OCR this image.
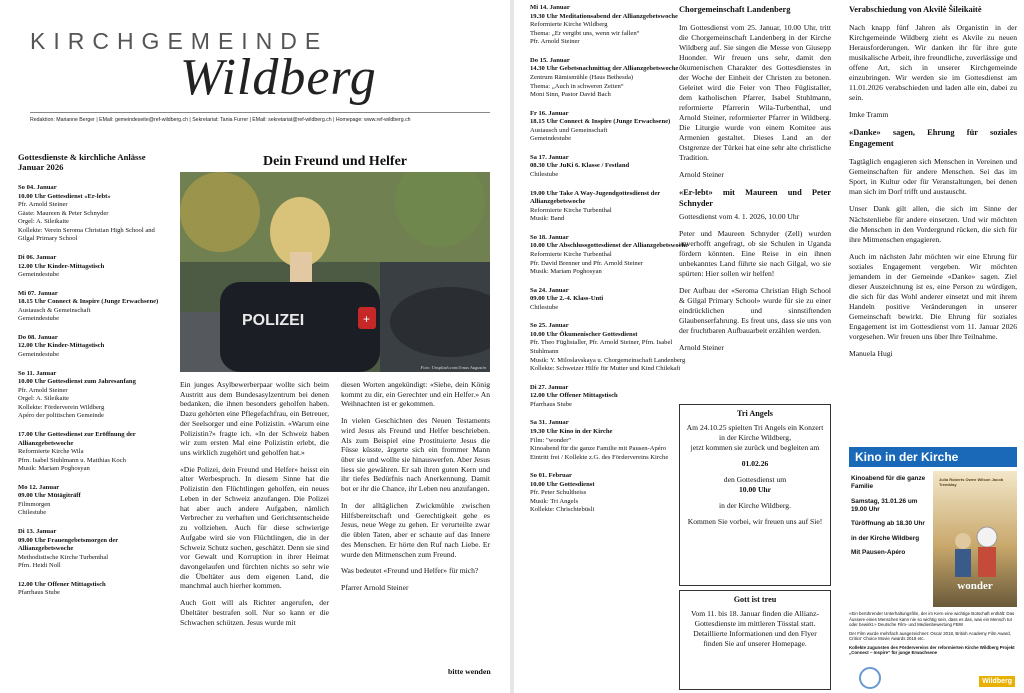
KIRCHGEMEINDE
Wildberg
Redaktion: Marianne Berger | EMail: gemeindeseite@ref-wildberg.ch | Sekretariat: Tania Furrer | EMail: sekretariat@ref-wildberg.ch | Homepage: www.ref-wildberg.ch
Gottesdienste & kirchliche Anlässe Januar 2026
So 04. Januar
10.00 Uhr Gottesdienst «Er-lebt»
Pfr. Arnold Steiner
Gäste: Maureen & Peter Schnyder
Orgel: A. Sileikaite
Kollekte: Verein Seroma Christian High School and Gilgal Primary School
Di 06. Januar
12.00 Uhr Kinder-Mittagstisch
Gemeindestube
Mi 07. Januar
18.15 Uhr Connect & Inspire (Junge Erwachsene)
Austausch & Gemeinschaft
Gemeindestube
Do 08. Januar
12.00 Uhr Kinder-Mittagstisch
Gemeindestube
So 11. Januar
10.00 Uhr Gottesdienst zum Jahresanfang
Pfr. Arnold Steiner
Orgel: A. Sileikaite
Kollekte: Förderverein Wildberg
Apéro der politischen Gemeinde
17.00 Uhr Gottesdienst zur Eröffnung der Allianzgebetswoche
Reformierte Kirche Wila
Pfrn. Isabel Stuhlmann u. Matthias Koch
Musik: Mariam Poghosyan
Mo 12. Januar
09.00 Uhr Mütägiträff
Filmmorgen
Chilestube
Di 13. Januar
09.00 Uhr Frauengebetsmorgen der Allianzgebetswoche
Methodistische Kirche Turbenthal
Pfrn. Heidi Noll
12.00 Uhr Offener Mittagstisch
Pfarrhaus Stube
Dein Freund und Helfer
POLIZEI	+
Foto: Unsplash.com/Jonas Augustin

Ein junges Asylbewerberpaar wollte sich beim Austritt aus dem Bundesasylzentrum bei denen bedanken, die ihnen besonders geholfen haben. Dazu gehörten eine Pflegefachfrau, ein Betreuer, der Seelsorger und eine Polizistin. «Warum eine Polizistin?» fragte ich. «In der Schweiz haben wir zum ersten Mal eine Polizistin erlebt, die uns wirklich zugehört und geholfen hat.»

«Die Polizei, dein Freund und Helfer» heisst ein alter Werbespruch. In diesem Sinne hat die Polizistin den Flüchtlingen geholfen, ein neues Leben in der Schweiz anzufangen. Die Polizei hat aber auch andere Aufgaben, nämlich Verbrecher zu verhaften und Gerichtsentscheide zu vollziehen. Auch für diese schwierige Aufgabe wird sie von Flüchtlingen, die in der Schweiz Schutz suchen, geschätzt. Denn sie sind vor Gewalt und Korruption in ihrer Heimat davongelaufen und fürchten nichts so sehr wie die Übeltäter aus dem eigenen Land, die manchmal auch hierher kommen.

Auch Gott will als Richter angerufen, der Übeltäter bestrafen soll. Nur so kann er die Schwachen schützen. Jesus wurde mit

diesen Worten angekündigt: «Siehe, dein König kommt zu dir, ein Gerechter und ein Helfer.» An Weihnachten ist er gekommen.

In vielen Geschichten des Neuen Testaments wird Jesus als Freund und Helfer beschrieben. Als zum Beispiel eine Prostituierte Jesus die Füsse küsste, ärgerte sich ein frommer Mann über sie und wollte sie hinauswerfen. Aber Jesus liess sie gewähren. Er sah ihren guten Kern und ihr tiefes Bedürfnis nach Anerkennung. Damit bot er ihr die Chance, ihr Leben neu anzufangen.

In der alltäglichen Zwickmühle zwischen Hilfsbereitschaft und Gerechtigkeit gehe es Jesus, neue Wege zu gehen. Er verurteilte zwar die üblen Taten, aber er schaute auf das Innere des Menschen. Er hörte den Ruf nach Liebe. Er wurde den Mitmenschen zum Freund.

Was bedeutet «Freund und Helfer» für mich?

Pfarrer Arnold Steiner

bitte wenden
Mi 14. Januar
19.30 Uhr Meditationsabend der Allianzgebetswoche
Reformierte Kirche Wildberg
Thema: „Er vergibt uns, wenn wir fallen“
Pfr. Arnold Steiner
Do 15. Januar
14.30 Uhr Gebetsnachmittag der Allianzgebetswoche
Zentrum Rämismühle (Haus Bethesda)
Thema: „Auch in schweren Zeiten“
Moni Sinn, Pastor David Bach
Fr 16. Januar
18.15 Uhr Connect & Inspire (Junge Erwachsene)
Austausch und Gemeinschaft
Gemeindestube
Sa 17. Januar
08.30 Uhr JuKi 6. Klasse / Festland
Chilestube
19.00 Uhr Take A Way-Jugendgottesdienst der Allianzgebetswoche
Reformierte Kirche Turbenthal
Musik: Band
So 18. Januar
10.00 Uhr Abschlussgottesdienst der Allianzgebetswoche
Reformierte Kirche Turbenthal
Pfr. David Brenner und Pfr. Arnold Steiner
Musik: Mariam Poghosyan
Sa 24. Januar
09.00 Uhr 2.-4. Klass-Unti
Chilestube
So 25. Januar
10.00 Uhr Ökumenischer Gottesdienst
Pfr. Theo Füglistaller, Pfr. Arnold Steiner, Pfrn. Isabel Stuhlmann
Musik: Y. Miloslavskaya u. Chorgemeinschaft Landenberg
Kollekte: Schweizer Hilfe für Mutter und Kind Chilekafi
Di 27. Januar
12.00 Uhr Offener Mittagstisch
Pfarrhaus Stube
Sa 31. Januar
19.30 Uhr Kino in der Kirche
Film: "wonder"
Kinoabend für die ganze Familie mit Pausen-Apéro
Eintritt frei / Kollekte z.G. des Fördervereins Kirche
So 01. Februar
10.00 Uhr Gottesdienst
Pfr. Peter Schultheiss
Musik: Tri Angels
Kollekte: Chrischtebüsli
Chorgemeinschaft Landenberg

Im Gottesdienst vom 25. Januar, 10.00 Uhr, tritt die Chorgemeinschaft Landenberg in der Kirche Wildberg auf. Sie singen die Messe von Giusepp Huonder. Wir freuen uns sehr, damit den ökumenischen Charakter des Gottesdienstes in der Woche der Einheit der Christen zu betonen. Geleitet wird die Feier von Theo Füglistaller, dem katholischen Pfarrer, Isabel Stuhlmann, reformierte Pfarrerin Wila-Turbenthal, und Arnold Steiner, reformierter Pfarrer in Wildberg. Die Liturgie wurde von einem Komitee aus Armenien gestaltet. Dieses Land an der Ostgrenze der Türkei hat eine sehr alte christliche Tradition.

Arnold Steiner

«Er-lebt» mit Maureen und Peter Schnyder

Gottesdienst vom 4. 1. 2026, 10.00 Uhr

Peter und Maureen Schnyder (Zell) wurden unverhofft angefragt, ob sie Schulen in Uganda fördern könnten. Eine Reise in ein ihnen unbekanntes Land führte sie nach Gilgal, wo sie spürten: Hier sollen wir helfen!

Der Aufbau der «Seroma Christian High School & Gilgal Primary School» wurde für sie zu einer eindrücklichen und sinnstiftenden Glaubenserfahrung. Es freut uns, dass sie uns von der fruchtbaren Aufbauarbeit erzählen werden.

Arnold Steiner

Tri Angels
Am 24.10.25 spielten Tri Angels ein Konzert in der Kirche Wildberg,
jetzt kommen sie zurück und begleiten am
01.02.26
den Gottesdienst um
10.00 Uhr
in der Kirche Wildberg.
Kommen Sie vorbei, wir freuen uns auf Sie!
Gott ist treu
Vom 11. bis 18. Januar finden die Allianz-Gottesdienste im mittleren Tösstal statt. Detaillierte Informationen und den Flyer finden Sie auf unserer Homepage.
Verabschiedung von Akvilė Šileikaitė

Nach knapp fünf Jahren als Organistin in der Kirchgemeinde Wildberg zieht es Akvile zu neuen Herausforderungen. Wir danken ihr für ihre gute musikalische Arbeit, ihre freundliche, zuverlässige und offene Art, sich in unserer Kirchgemeinde einzubringen. Wir werden sie im Gottesdienst am 11.01.2026 verabschieden und laden alle ein, dabei zu sein.

Imke Tramm

«Danke» sagen, Ehrung für soziales Engagement

Tagtäglich engagieren sich Menschen in Vereinen und Gemeinschaften für andere Menschen. Sei das im Sport, in Kultur oder für Veranstaltungen, bei denen man sich im Dorf trifft und austauscht.

Unser Dank gilt allen, die sich im Sinne der Nächstenliebe für andere einsetzen. Und wir möchten die Menschen in den Vordergrund rücken, die sich für ihre Mitmenschen engagieren.

Auch im nächsten Jahr möchten wir eine Ehrung für soziales Engagement vergeben. Wir möchten jemandem in der Gemeinde «Danke» sagen. Ziel dieser Auszeichnung ist es, eine Person zu würdigen, die sich für das Wohl anderer einsetzt und mit ihrem Handeln positive Veränderungen in unserer Gemeinschaft bewirkt. Die Ehrung für soziales Engagement ist im Gottesdienst vom 11. Januar 2026 vorgesehen. Wir freuen uns über Ihre Teilnahme.

Manuela Hugi

Kino in der Kirche

Kinoabend für die ganze Familie

Samstag, 31.01.26 um 19.00 Uhr

Türöffnung ab 18.30 Uhr

in der Kirche Wildberg

Mit Pausen-Apéro

Julia Roberts Owen Wilson Jacob Tremblay
wonder

«Ein berührender Unterhaltungsfilm, der im Kern eine wichtige Botschaft enthält: Das Äussere eines Menschen kann nie so wichtig sein, dass es das, was ein Mensch tut oder bewirkt.» Deutsche Film- und Medienbewertung FBW

Der Film wurde mehrfach ausgezeichnet: Oscar 2018, British Academy Film Award, Critics' Choice Movie Awards 2018 etc.

Kollekte zugunsten des Fördervereins der reformierten Kirche Wildberg Projekt „Connect – Inspire“ für junge Erwachsene

Wildberg
